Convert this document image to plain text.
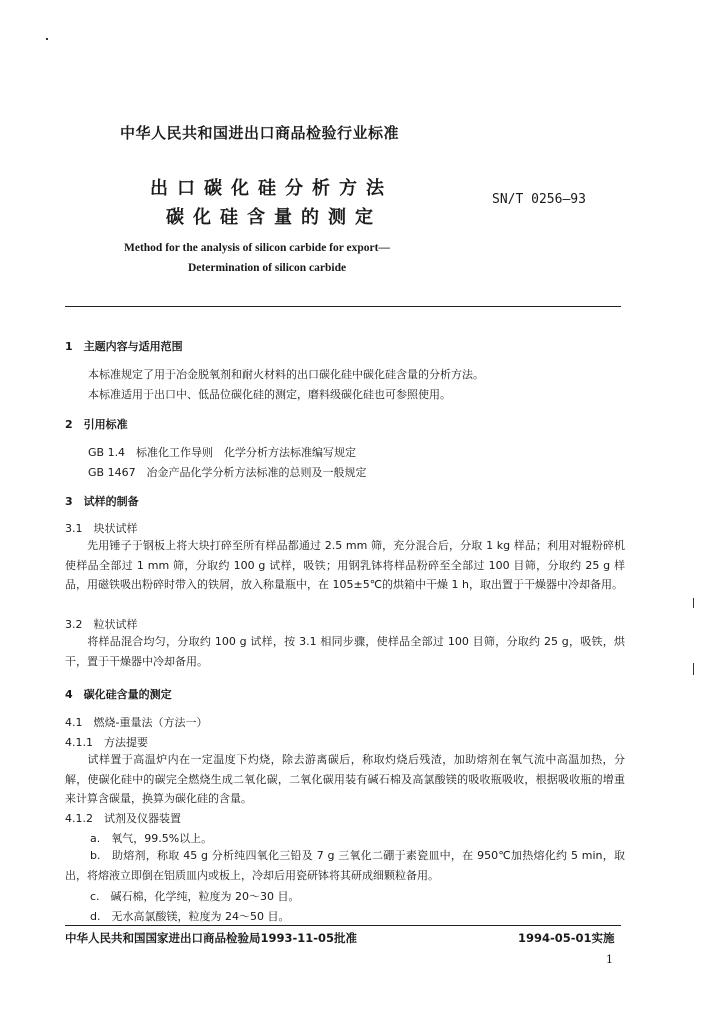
中华人民共和国进出口商品检验行业标准
出口碳化硅分析方法
碳化硅含量的测定
SN/T 0256—93
Method for the analysis of silicon carbide for export—
Determination of silicon carbide
1　主题内容与适用范围
本标准规定了用于冶金脱氧剂和耐火材料的出口碳化硅中碳化硅含量的分析方法。
本标准适用于出口中、低品位碳化硅的测定，磨料级碳化硅也可参照使用。
2　引用标准
GB 1.4　标准化工作导则　化学分析方法标准编写规定
GB 1467　冶金产品化学分析方法标准的总则及一般规定
3　试样的制备
3.1　块状试样
先用锤子于钢板上将大块打碎至所有样品都通过 2.5 mm 筛，充分混合后，分取 1 kg 样品；利用对辊粉碎机使样品全部过 1 mm 筛，分取约 100 g 试样，吸铁；用钢乳钵将样品粉碎至全部过 100 目筛，分取约 25 g 样品，用磁铁吸出粉碎时带入的铁屑，放入称量瓶中，在 105±5℃的烘箱中干燥 1 h，取出置于干燥器中冷却备用。
3.2　粒状试样
将样品混合均匀，分取约 100 g 试样，按 3.1 相同步骤，使样品全部过 100 目筛，分取约 25 g，吸铁，烘干，置于干燥器中冷却备用。
4　碳化硅含量的测定
4.1　燃烧-重量法（方法一）
4.1.1　方法提要
试样置于高温炉内在一定温度下灼烧，除去游离碳后，称取灼烧后残渣，加助熔剂在氧气流中高温加热，分解，使碳化硅中的碳完全燃烧生成二氧化碳，二氧化碳用装有碱石棉及高氯酸镁的吸收瓶吸收，根据吸收瓶的增重来计算含碳量，换算为碳化硅的含量。
4.1.2　试剂及仪器装置
a.　氧气，99.5%以上。
b.　助熔剂，称取 45 g 分析纯四氧化三铅及 7 g 三氧化二硼于素瓷皿中，在 950℃加热熔化约 5 min，取出，将熔液立即倒在铝质皿内或板上，冷却后用瓷研钵将其研成细颗粒备用。
c.　碱石棉，化学纯，粒度为 20～30 目。
d.　无水高氯酸镁，粒度为 24～50 目。
中华人民共和国国家进出口商品检验局1993-11-05批准	1994-05-01实施
1
